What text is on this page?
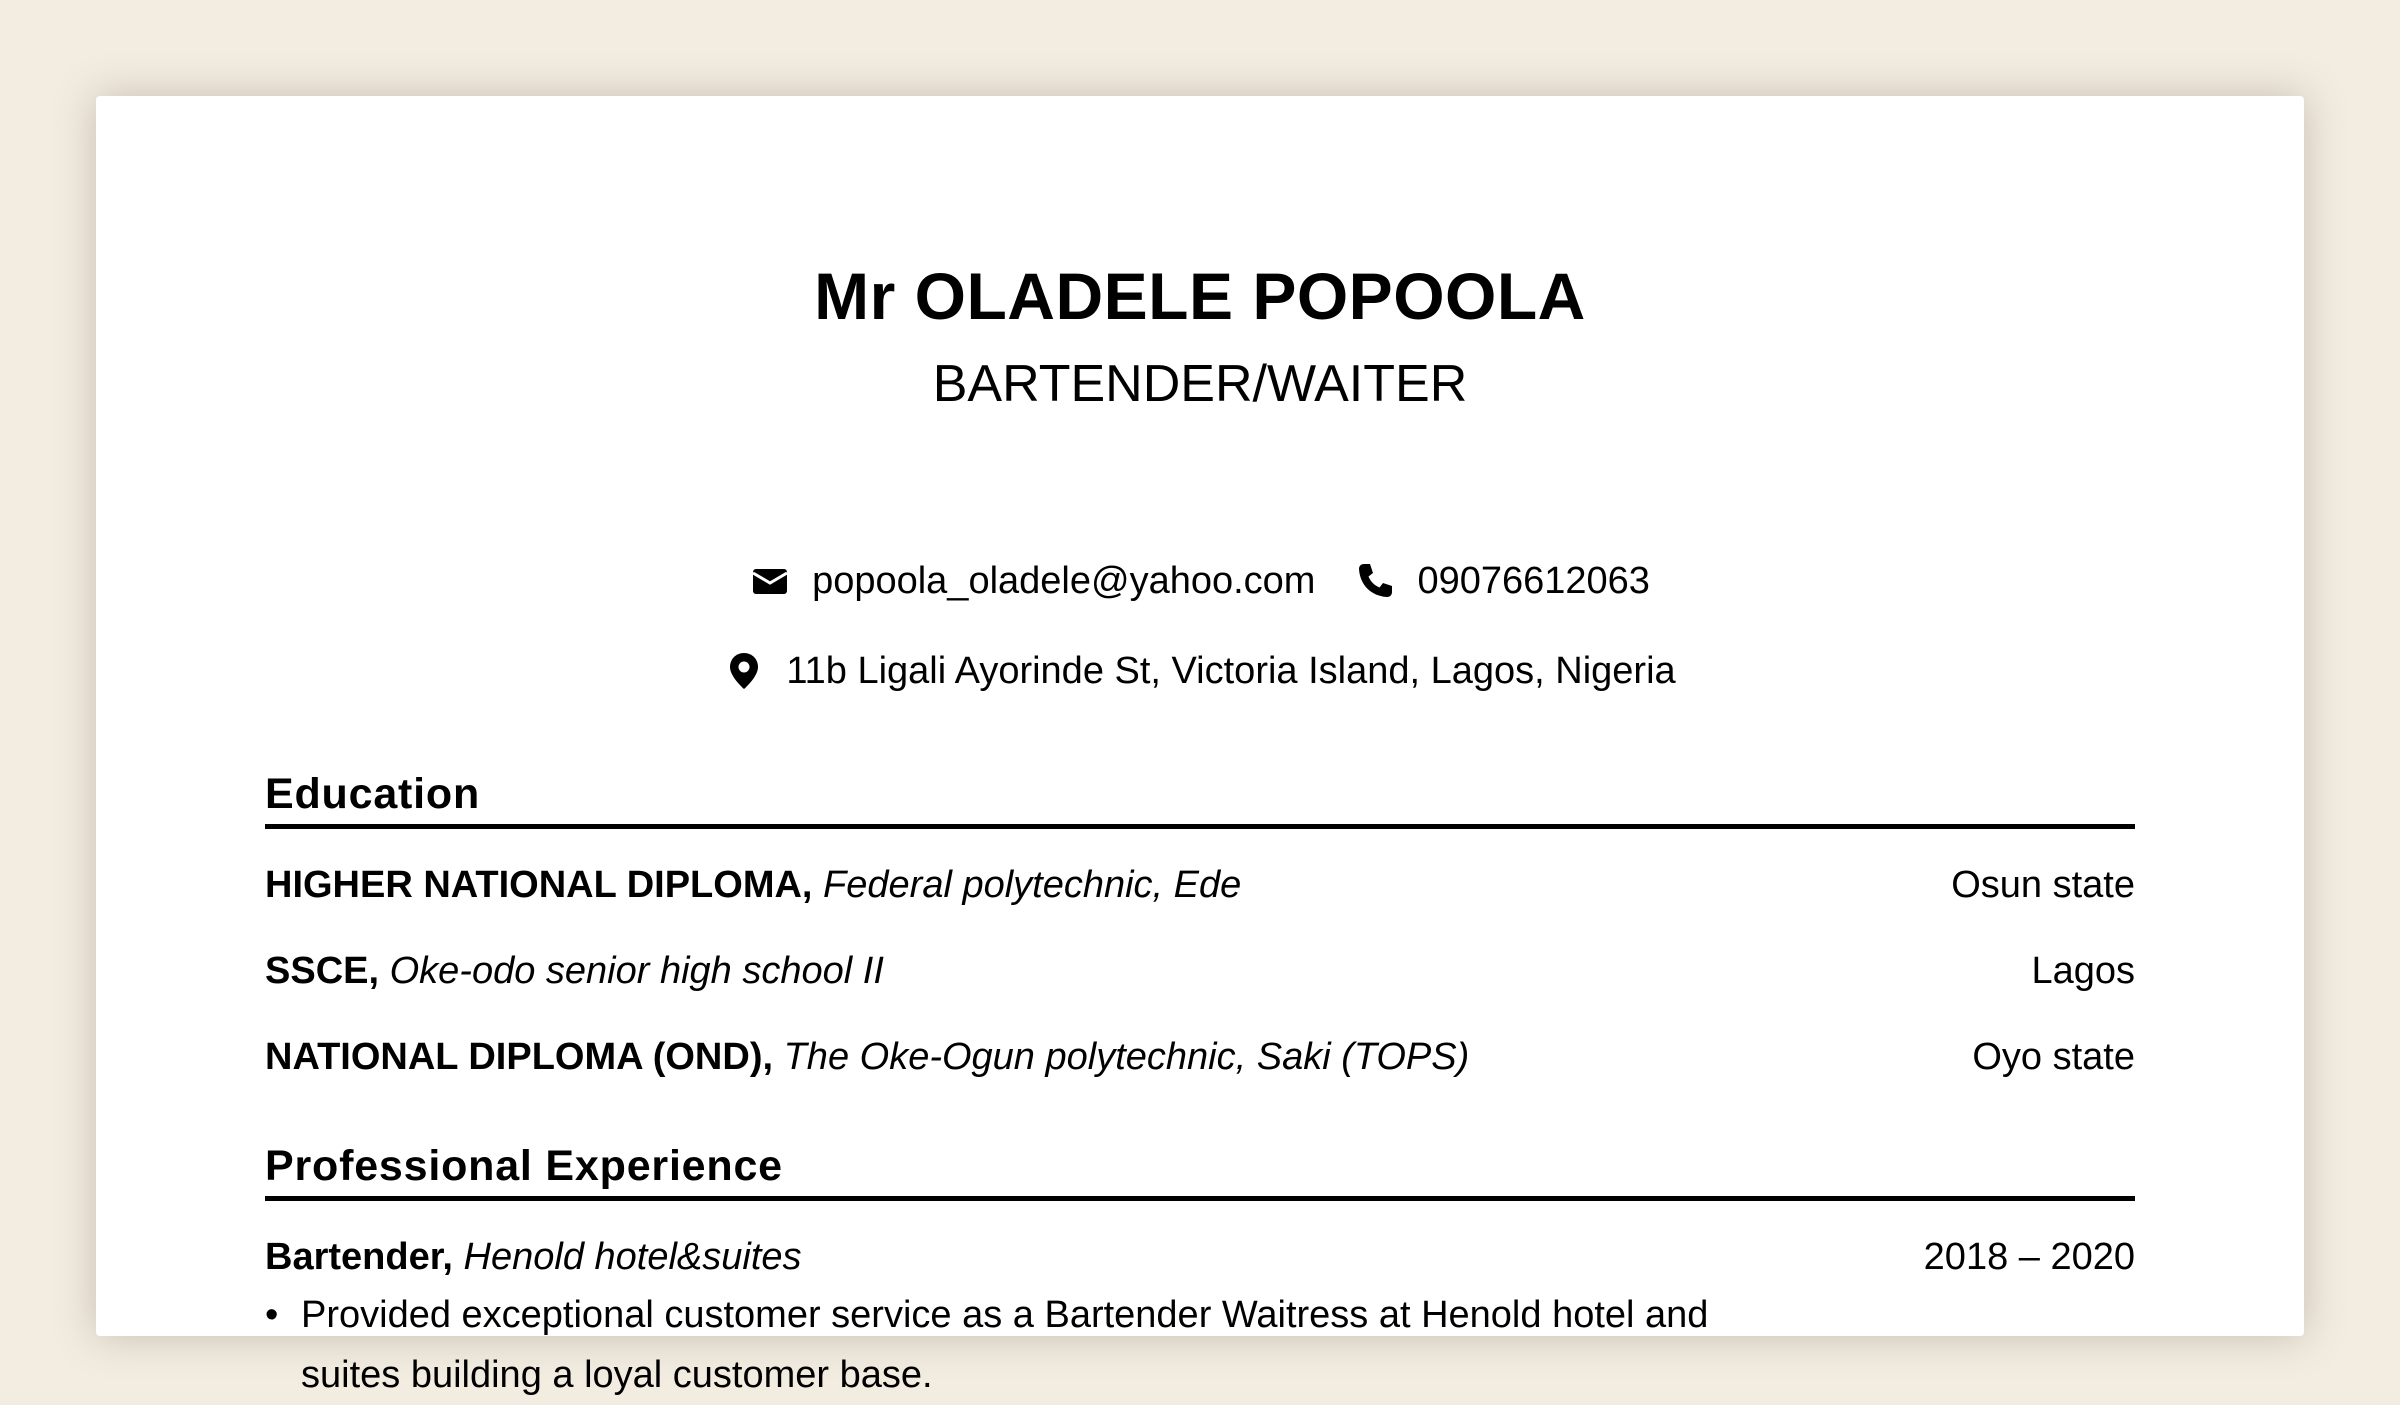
Mr OLADELE POPOOLA
BARTENDER/WAITER
popoola_oladele@yahoo.com	09076612063
11b Ligali Ayorinde St, Victoria Island, Lagos, Nigeria
Education
HIGHER NATIONAL DIPLOMA, Federal polytechnic, Ede	Osun state
SSCE, Oke-odo senior high school II	Lagos
NATIONAL DIPLOMA (OND), The Oke-Ogun polytechnic, Saki (TOPS)	Oyo state
Professional Experience
Bartender, Henold hotel&suites	2018 – 2020
• Provided exceptional customer service as a Bartender Waitress at Henold hotel and suites building a loyal customer base.
